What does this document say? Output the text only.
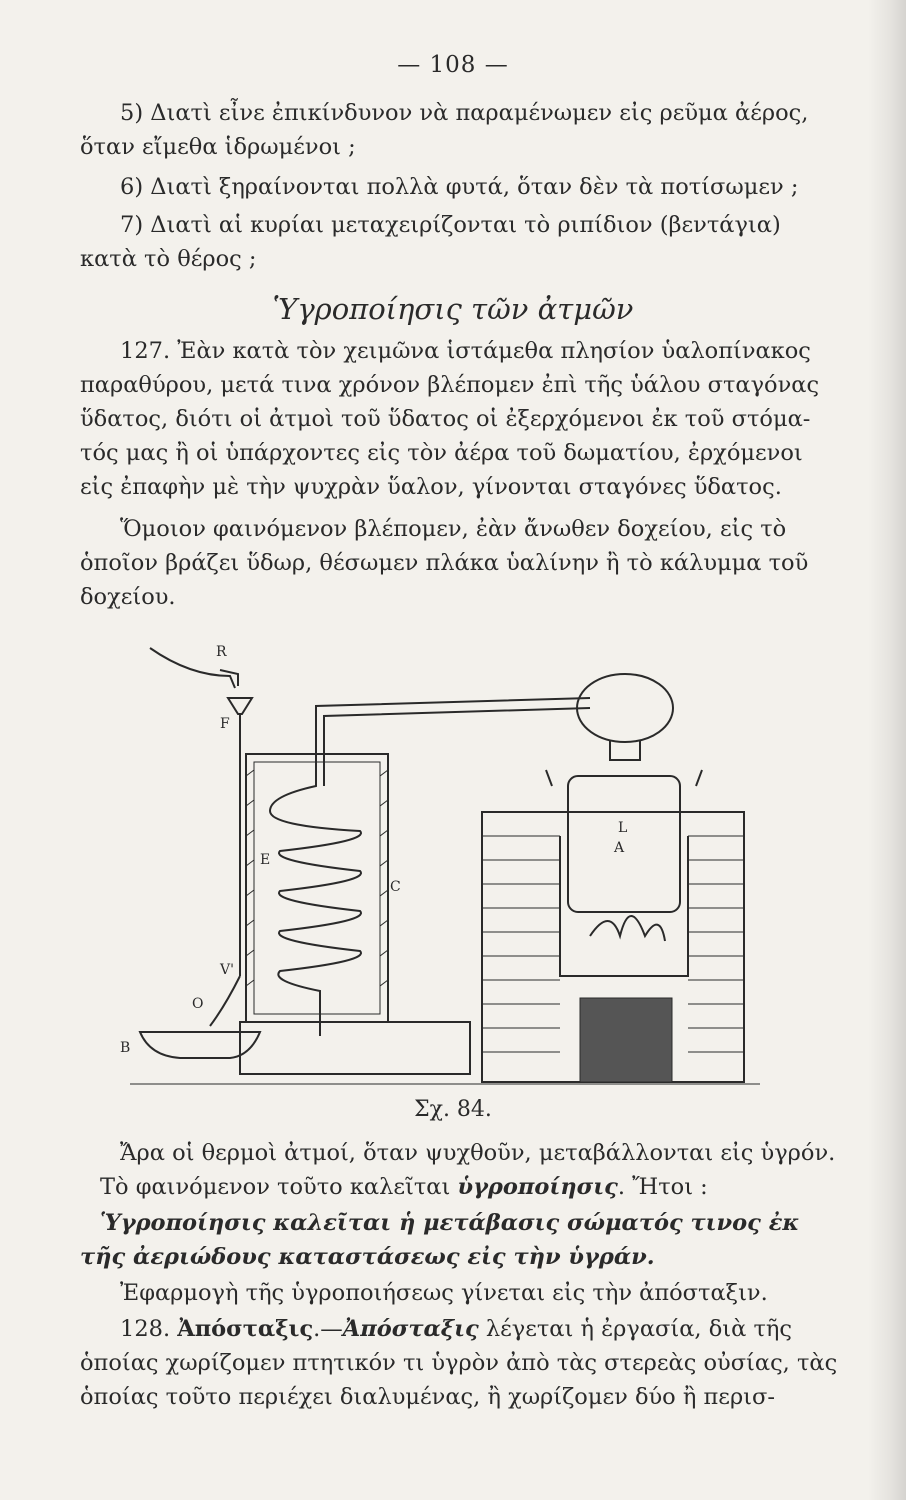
— 108 —
5) Διατὶ εἶνε ἐπικίνδυνον νὰ παραμένωμεν εἰς ρεῦμα ἀέρος,
ὅταν εἴμεθα ἱδρωμένοι ;
6) Διατὶ ξηραίνονται πολλὰ φυτά, ὅταν δὲν τὰ ποτίσωμεν ;
7) Διατὶ αἱ κυρίαι μεταχειρίζονται τὸ ριπίδιον (βεντάγια)
κατὰ τὸ θέρος ;
Ὑγροποίησις τῶν ἀτμῶν
127. Ἐὰν κατὰ τὸν χειμῶνα ἱστάμεθα πλησίον ὑαλοπίνακος
παραθύρου, μετά τινα χρόνον βλέπομεν ἐπὶ τῆς ὑάλου σταγόνας
ὕδατος, διότι οἱ ἀτμοὶ τοῦ ὕδατος οἱ ἐξερχόμενοι ἐκ τοῦ στόμα-
τός μας ἢ οἱ ὑπάρχοντες εἰς τὸν ἀέρα τοῦ δωματίου, ἐρχόμενοι
εἰς ἐπαφὴν μὲ τὴν ψυχρὰν ὕαλον, γίνονται σταγόνες ὕδατος.
Ὅμοιον φαινόμενον βλέπομεν, ἐὰν ἄνωθεν δοχείου, εἰς τὸ
ὁποῖον βράζει ὕδωρ, θέσωμεν πλάκα ὑαλίνην ἢ τὸ κάλυμμα τοῦ
δοχείου.
R
F
E
C
V'
O
B
L
A
Σχ. 84.
Ἄρα οἱ θερμοὶ ἀτμοί, ὅταν ψυχθοῦν, μεταβάλλονται εἰς ὑγρόν.
Τὸ φαινόμενον τοῦτο καλεῖται ὑγροποίησις. Ἤτοι :
Ὑγροποίησις καλεῖται ἡ μετάβασις σώματός τινος ἐκ
τῆς ἀεριώδους καταστάσεως εἰς τὴν ὑγράν.
Ἐφαρμογὴ τῆς ὑγροποιήσεως γίνεται εἰς τὴν ἀπόσταξιν.
128. Ἀπόσταξις.—Ἀπόσταξις λέγεται ἡ ἐργασία, διὰ τῆς
ὁποίας χωρίζομεν πτητικόν τι ὑγρὸν ἀπὸ τὰς στερεὰς οὐσίας, τὰς
ὁποίας τοῦτο περιέχει διαλυμένας, ἢ χωρίζομεν δύο ἢ περισ-
